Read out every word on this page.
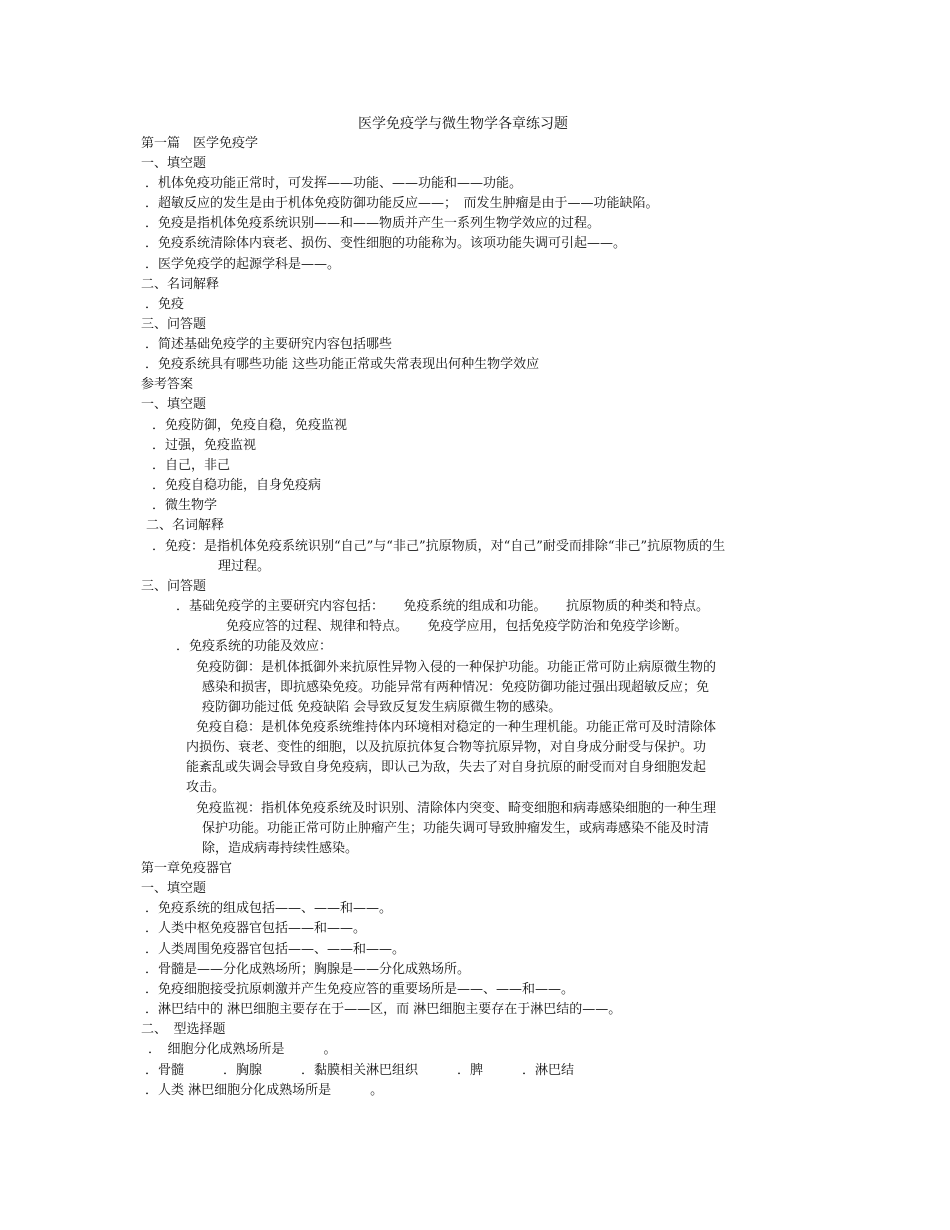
医学免疫学与微生物学各章练习题
第一篇　医学免疫学
一、填空题
．机体免疫功能正常时，可发挥——功能、——功能和——功能。
．超敏反应的发生是由于机体免疫防御功能反应——；　而发生肿瘤是由于——功能缺陷。
．免疫是指机体免疫系统识别——和——物质并产生一系列生物学效应的过程。
．免疫系统清除体内衰老、损伤、变性细胞的功能称为。该项功能失调可引起——。
．医学免疫学的起源学科是——。
二、名词解释
．免疫
三、问答题
．简述基础免疫学的主要研究内容包括哪些
．免疫系统具有哪些功能 这些功能正常或失常表现出何种生物学效应
参考答案
一、填空题
．免疫防御，免疫自稳，免疫监视
．过强，免疫监视
．自己，非己
．免疫自稳功能，自身免疫病
．微生物学
二、名词解释
．免疫：是指机体免疫系统识别“自己”与“非己”抗原物质，对“自己”耐受而排除“非己”抗原物质的生
理过程。
三、问答题
．基础免疫学的主要研究内容包括：　　免疫系统的组成和功能。　　抗原物质的种类和特点。
免疫应答的过程、规律和特点。　　免疫学应用，包括免疫学防治和免疫学诊断。
．免疫系统的功能及效应：
免疫防御：是机体抵御外来抗原性异物入侵的一种保护功能。功能正常可防止病原微生物的
感染和损害，即抗感染免疫。功能异常有两种情况：免疫防御功能过强出现超敏反应；免
疫防御功能过低 免疫缺陷 会导致反复发生病原微生物的感染。
免疫自稳：是机体免疫系统维持体内环境相对稳定的一种生理机能。功能正常可及时清除体
内损伤、衰老、变性的细胞，以及抗原抗体复合物等抗原异物，对自身成分耐受与保护。功
能紊乱或失调会导致自身免疫病，即认己为敌，失去了对自身抗原的耐受而对自身细胞发起
攻击。
免疫监视：指机体免疫系统及时识别、清除体内突变、畸变细胞和病毒感染细胞的一种生理
保护功能。功能正常可防止肿瘤产生；功能失调可导致肿瘤发生，或病毒感染不能及时清
除，造成病毒持续性感染。
第一章免疫器官
一、填空题
．免疫系统的组成包括——、——和——。
．人类中枢免疫器官包括——和——。
．人类周围免疫器官包括——、——和——。
．骨髓是——分化成熟场所；胸腺是——分化成熟场所。
．免疫细胞接受抗原刺激并产生免疫应答的重要场所是——、——和——。
．淋巴结中的 淋巴细胞主要存在于——区，而 淋巴细胞主要存在于淋巴结的——。
二、　型选择题
．　细胞分化成熟场所是　　　。
．骨髓　　　．胸腺　　　．黏膜相关淋巴组织　　　．脾　　　．淋巴结
．人类 淋巴细胞分化成熟场所是　　　。
